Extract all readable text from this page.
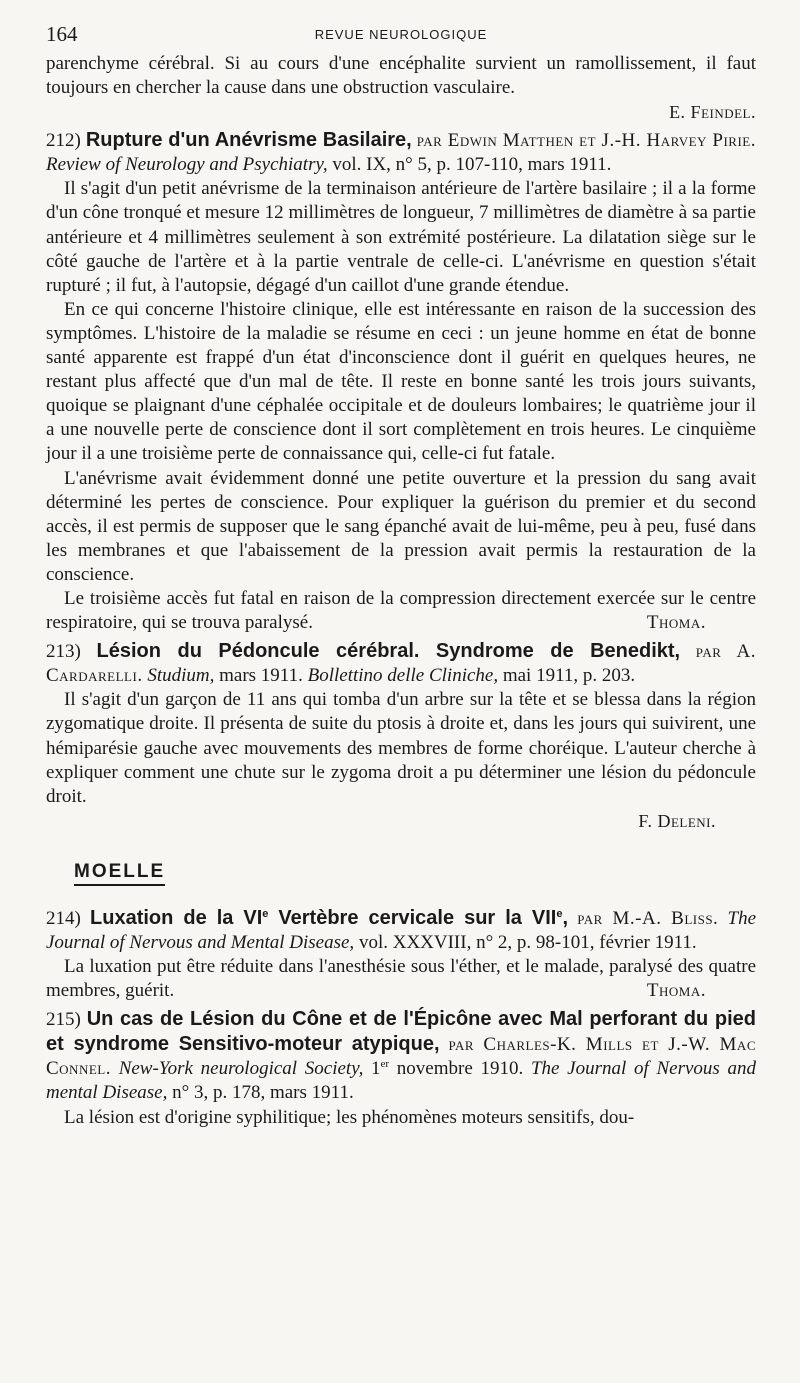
164	REVUE NEUROLOGIQUE

parenchyme cérébral. Si au cours d'une encéphalite survient un ramollissement, il faut toujours en chercher la cause dans une obstruction vasculaire.

E. Feindel.

212) Rupture d'un Anévrisme Basilaire, par Edwin Matthen et J.-H. Harvey Pirie. Review of Neurology and Psychiatry, vol. IX, n° 5, p. 107-110, mars 1911.

Il s'agit d'un petit anévrisme de la terminaison antérieure de l'artère basilaire ; il a la forme d'un cône tronqué et mesure 12 millimètres de longueur, 7 millimètres de diamètre à sa partie antérieure et 4 millimètres seulement à son extrémité postérieure. La dilatation siège sur le côté gauche de l'artère et à la partie ventrale de celle-ci. L'anévrisme en question s'était rupturé ; il fut, à l'autopsie, dégagé d'un caillot d'une grande étendue.

En ce qui concerne l'histoire clinique, elle est intéressante en raison de la succession des symptômes. L'histoire de la maladie se résume en ceci : un jeune homme en état de bonne santé apparente est frappé d'un état d'inconscience dont il guérit en quelques heures, ne restant plus affecté que d'un mal de tête. Il reste en bonne santé les trois jours suivants, quoique se plaignant d'une céphalée occipitale et de douleurs lombaires; le quatrième jour il a une nouvelle perte de conscience dont il sort complètement en trois heures. Le cinquième jour il a une troisième perte de connaissance qui, celle-ci fut fatale.

L'anévrisme avait évidemment donné une petite ouverture et la pression du sang avait déterminé les pertes de conscience. Pour expliquer la guérison du premier et du second accès, il est permis de supposer que le sang épanché avait de lui-même, peu à peu, fusé dans les membranes et que l'abaissement de la pression avait permis la restauration de la conscience.

Le troisième accès fut fatal en raison de la compression directement exercée sur le centre respiratoire, qui se trouva paralysé.	Thoma.

213) Lésion du Pédoncule cérébral. Syndrome de Benedikt, par A. Cardarelli. Studium, mars 1911. Bollettino delle Cliniche, mai 1911, p. 203.

Il s'agit d'un garçon de 11 ans qui tomba d'un arbre sur la tête et se blessa dans la région zygomatique droite. Il présenta de suite du ptosis à droite et, dans les jours qui suivirent, une hémiparésie gauche avec mouvements des membres de forme choréique. L'auteur cherche à expliquer comment une chute sur le zygoma droit a pu déterminer une lésion du pédoncule droit.

F. Deleni.

MOELLE

214) Luxation de la VIe Vertèbre cervicale sur la VIIe, par M.-A. Bliss. The Journal of Nervous and Mental Disease, vol. XXXVIII, n° 2, p. 98-101, février 1911.

La luxation put être réduite dans l'anesthésie sous l'éther, et le malade, paralysé des quatre membres, guérit.	Thoma.

215) Un cas de Lésion du Cône et de l'Épicône avec Mal perforant du pied et syndrome Sensitivo-moteur atypique, par Charles-K. Mills et J.-W. Mac Connel. New-York neurological Society, 1er novembre 1910. The Journal of Nervous and mental Disease, n° 3, p. 178, mars 1911.

La lésion est d'origine syphilitique; les phénomènes moteurs sensitifs, dou-
